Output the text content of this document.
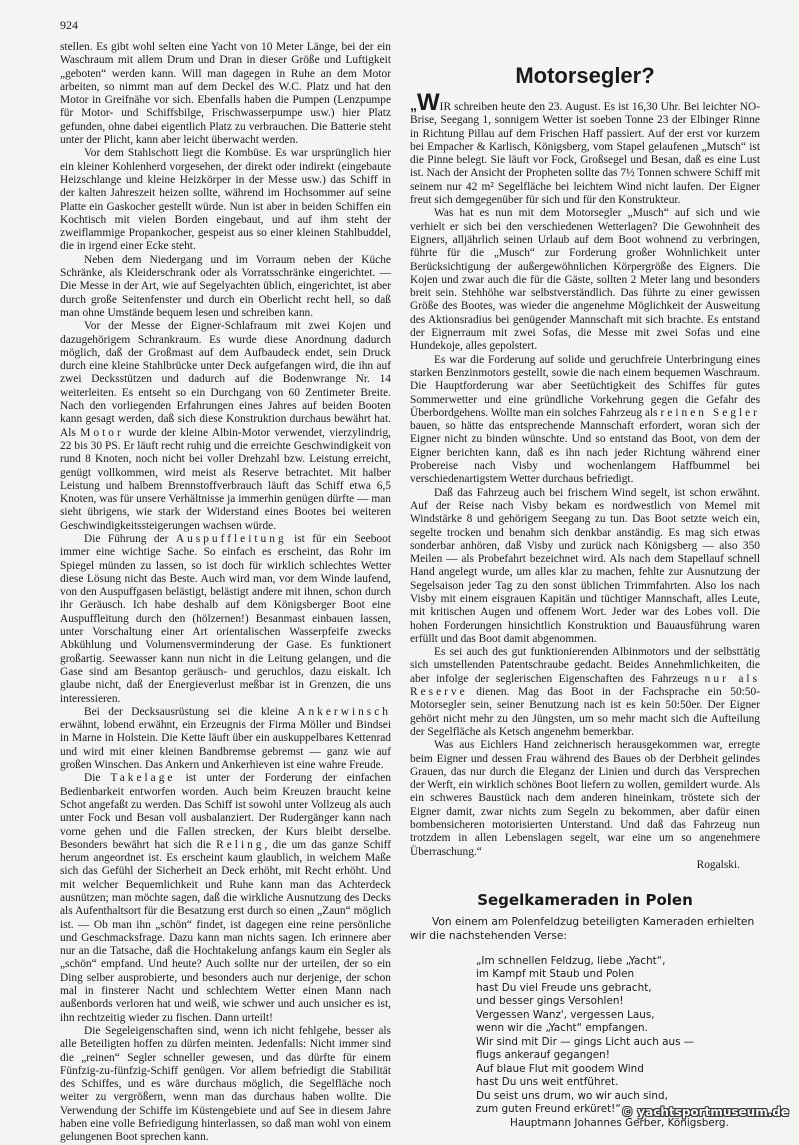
924

stellen. Es gibt wohl selten eine Yacht von 10 Meter Länge, bei der ein Waschraum mit allem Drum und Dran in dieser Größe und Luftigkeit „geboten“ werden kann. Will man dagegen in Ruhe an dem Motor arbeiten, so nimmt man auf dem Deckel des W.C. Platz und hat den Motor in Greifnähe vor sich. Ebenfalls haben die Pumpen (Lenzpumpe für Motor- und Schiffsbilge, Frischwasserpumpe usw.) hier Platz gefunden, ohne dabei eigentlich Platz zu verbrauchen. Die Batterie steht unter der Plicht, kann aber leicht überwacht werden.

Vor dem Stahlschott liegt die Kombüse. Es war ursprünglich hier ein kleiner Kohlenherd vorgesehen, der direkt oder indirekt (eingebaute Heizschlange und kleine Heizkörper in der Messe usw.) das Schiff in der kalten Jahreszeit heizen sollte, während im Hochsommer auf seine Platte ein Gaskocher gestellt würde. Nun ist aber in beiden Schiffen ein Kochtisch mit vielen Borden eingebaut, und auf ihm steht der zweiflammige Propankocher, gespeist aus so einer kleinen Stahlbuddel, die in irgend einer Ecke steht.

Neben dem Niedergang und im Vorraum neben der Küche Schränke, als Kleiderschrank oder als Vorratsschränke eingerichtet. — Die Messe in der Art, wie auf Segelyachten üblich, eingerichtet, ist aber durch große Seitenfenster und durch ein Oberlicht recht hell, so daß man ohne Umstände bequem lesen und schreiben kann.

Vor der Messe der Eigner-Schlafraum mit zwei Kojen und dazugehörigem Schrankraum. Es wurde diese Anordnung dadurch möglich, daß der Großmast auf dem Aufbaudeck endet, sein Druck durch eine kleine Stahlbrücke unter Deck aufgefangen wird, die ihn auf zwei Decksstützen und dadurch auf die Bodenwrange Nr. 14 weiterleiten. Es entseht so ein Durchgang von 60 Zentimeter Breite. Nach den vorliegenden Erfahrungen eines Jahres auf beiden Booten kann gesagt werden, daß sich diese Konstruktion durchaus bewährt hat. Als Motor wurde der kleine Albin-Motor verwendet, vierzylindrig, 22 bis 30 PS. Er läuft recht ruhig und die erreichte Geschwindigkeit von rund 8 Knoten, noch nicht bei voller Drehzahl bzw. Leistung erreicht, genügt vollkommen, wird meist als Reserve betrachtet. Mit halber Leistung und halbem Brennstoffverbrauch läuft das Schiff etwa 6,5 Knoten, was für unsere Verhältnisse ja immerhin genügen dürfte — man sieht übrigens, wie stark der Widerstand eines Bootes bei weiteren Geschwindigkeitssteigerungen wachsen würde.

Die Führung der Auspuffleitung ist für ein Seeboot immer eine wichtige Sache. So einfach es erscheint, das Rohr im Spiegel münden zu lassen, so ist doch für wirklich schlechtes Wetter diese Lösung nicht das Beste. Auch wird man, vor dem Winde laufend, von den Auspuffgasen belästigt, belästigt andere mit ihnen, schon durch ihr Geräusch. Ich habe deshalb auf dem Königsberger Boot eine Auspuffleitung durch den (hölzernen!) Besanmast einbauen lassen, unter Vorschaltung einer Art orientalischen Wasserpfeife zwecks Abkühlung und Volumensverminderung der Gase. Es funktionert großartig. Seewasser kann nun nicht in die Leitung gelangen, und die Gase sind am Besantop geräusch- und geruchlos, dazu eiskalt. Ich glaube nicht, daß der Energieverlust meßbar ist in Grenzen, die uns interessieren.

Bei der Decksausrüstung sei die kleine Ankerwinsch erwähnt, lobend erwähnt, ein Erzeugnis der Firma Möller und Bindsei in Marne in Holstein. Die Kette läuft über ein auskuppelbares Kettenrad und wird mit einer kleinen Bandbremse gebremst — ganz wie auf großen Winschen. Das Ankern und Ankerhieven ist eine wahre Freude.

Die Takelage ist unter der Forderung der einfachen Bedienbarkeit entworfen worden. Auch beim Kreuzen braucht keine Schot angefaßt zu werden. Das Schiff ist sowohl unter Vollzeug als auch unter Fock und Besan voll ausbalanziert. Der Rudergänger kann nach vorne gehen und die Fallen strecken, der Kurs bleibt derselbe. Besonders bewährt hat sich die Reling, die um das ganze Schiff herum angeordnet ist. Es erscheint kaum glaublich, in welchem Maße sich das Gefühl der Sicherheit an Deck erhöht, mit Recht erhöht. Und mit welcher Bequemlichkeit und Ruhe kann man das Achterdeck ausnützen; man möchte sagen, daß die wirkliche Ausnutzung des Decks als Aufenthaltsort für die Besatzung erst durch so einen „Zaun“ möglich ist. — Ob man ihn „schön“ findet, ist dagegen eine reine persönliche und Geschmacksfrage. Dazu kann man nichts sagen. Ich erinnere aber nur an die Tatsache, daß die Hochtakelung anfangs kaum ein Segler als „schön“ empfand. Und heute? Auch sollte nur der urteilen, der so ein Ding selber ausprobierte, und besonders auch nur derjenige, der schon mal in finsterer Nacht und schlechtem Wetter einen Mann nach außenbords verloren hat und weiß, wie schwer und auch unsicher es ist, ihn rechtzeitig wieder zu fischen. Dann urteilt!

Die Segeleigenschaften sind, wenn ich nicht fehlgehe, besser als alle Beteiligten hoffen zu dürfen meinten. Jedenfalls: Nicht immer sind die „reinen“ Segler schneller gewesen, und das dürfte für einem Fünfzig-zu-fünfzig-Schiff genügen. Vor allem befriedigt die Stabilität des Schiffes, und es wäre durchaus möglich, die Segelfläche noch weiter zu vergrößern, wenn man das durchaus haben wollte. Die Verwendung der Schiffe im Küstengebiete und auf See in diesem Jahre haben eine volle Befriedigung hinterlassen, so daß man wohl von einem gelungenen Boot sprechen kann.

Motorsegler?

„WIR schreiben heute den 23. August. Es ist 16,30 Uhr. Bei leichter NO-Brise, Seegang 1, sonnigem Wetter ist soeben Tonne 23 der Elbinger Rinne in Richtung Pillau auf dem Frischen Haff passiert. Auf der erst vor kurzem bei Empacher & Karlisch, Königsberg, vom Stapel gelaufenen „Mutsch“ ist die Pinne belegt. Sie läuft vor Fock, Großsegel und Besan, daß es eine Lust ist. Nach der Ansicht der Propheten sollte das 7½ Tonnen schwere Schiff mit seinem nur 42 m² Segelfläche bei leichtem Wind nicht laufen. Der Eigner freut sich demgegenüber für sich und für den Konstrukteur.

Was hat es nun mit dem Motorsegler „Musch“ auf sich und wie verhielt er sich bei den verschiedenen Wetterlagen? Die Gewohnheit des Eigners, alljährlich seinen Urlaub auf dem Boot wohnend zu verbringen, führte für die „Musch“ zur Forderung großer Wohnlichkeit unter Berücksichtigung der außergewöhnlichen Körpergröße des Eigners. Die Kojen und zwar auch die für die Gäste, sollten 2 Meter lang und besonders breit sein. Stehhöhe war selbstverständlich. Das führte zu einer gewissen Größe des Bootes, was wieder die angenehme Möglichkeit der Ausweitung des Aktionsradius bei genügender Mannschaft mit sich brachte. Es entstand der Eignerraum mit zwei Sofas, die Messe mit zwei Sofas und eine Hundekoje, alles gepolstert.

Es war die Forderung auf solide und geruchfreie Unterbringung eines starken Benzinmotors gestellt, sowie die nach einem bequemen Waschraum. Die Hauptforderung war aber Seetüchtigkeit des Schiffes für gutes Sommerwetter und eine gründliche Vorkehrung gegen die Gefahr des Überbordgehens. Wollte man ein solches Fahrzeug als reinen Segler bauen, so hätte das entsprechende Mannschaft erfordert, woran sich der Eigner nicht zu binden wünschte. Und so entstand das Boot, von dem der Eigner berichten kann, daß es ihn nach jeder Richtung während einer Probereise nach Visby und wochenlangem Haffbummel bei verschiedenartigstem Wetter durchaus befriedigt.

Daß das Fahrzeug auch bei frischem Wind segelt, ist schon erwähnt. Auf der Reise nach Visby bekam es nordwestlich von Memel mit Windstärke 8 und gehörigem Seegang zu tun. Das Boot setzte weich ein, segelte trocken und benahm sich denkbar anständig. Es mag sich etwas sonderbar anhören, daß Visby und zurück nach Königsberg — also 350 Meilen — als Probefahrt bezeichnet wird. Als nach dem Stapellauf schnell Hand angelegt wurde, um alles klar zu machen, fehlte zur Ausnutzung der Segelsaison jeder Tag zu den sonst üblichen Trimmfahrten. Also los nach Visby mit einem eisgrauen Kapitän und tüchtiger Mannschaft, alles Leute, mit kritischen Augen und offenem Wort. Jeder war des Lobes voll. Die hohen Forderungen hinsichtlich Konstruktion und Bauausführung waren erfüllt und das Boot damit abgenommen.

Es sei auch des gut funktionierenden Albinmotors und der selbsttätig sich umstellenden Patentschraube gedacht. Beides Annehmlichkeiten, die aber infolge der seglerischen Eigenschaften des Fahrzeugs nur als Reserve dienen. Mag das Boot in der Fachsprache ein 50:50-Motorsegler sein, seiner Benutzung nach ist es kein 50:50er. Der Eigner gehört nicht mehr zu den Jüngsten, um so mehr macht sich die Aufteilung der Segelfläche als Ketsch angenehm bemerkbar.

Was aus Eichlers Hand zeichnerisch herausgekommen war, erregte beim Eigner und dessen Frau während des Baues ob der Derbheit gelindes Grauen, das nur durch die Eleganz der Linien und durch das Versprechen der Werft, ein wirklich schönes Boot liefern zu wollen, gemildert wurde. Als ein schweres Baustück nach dem anderen hineinkam, tröstete sich der Eigner damit, zwar nichts zum Segeln zu bekommen, aber dafür einen bombensicheren motorisierten Unterstand. Und daß das Fahrzeug nun trotzdem in allen Lebenslagen segelt, war eine um so angenehmere Überraschung.“

Rogalski.
Segelkameraden in Polen
Von einem am Polenfeldzug beteiligten Kameraden erhielten
wir die nachstehenden Verse:
„Im schnellen Feldzug, liebe „Yacht“,
im Kampf mit Staub und Polen
hast Du viel Freude uns gebracht,
und besser gings Versohlen!
Vergessen Wanz', vergessen Laus,
wenn wir die „Yacht“ empfangen.
Wir sind mit Dir — gings Licht auch aus —
flugs ankerauf gegangen!
Auf blaue Flut mit goodem Wind
hast Du uns weit entführet.
Du seist uns drum, wo wir auch sind,
zum guten Freund erküret!“
Hauptmann Johannes Gerber, Königsberg.
© yachtsportmuseum.de
